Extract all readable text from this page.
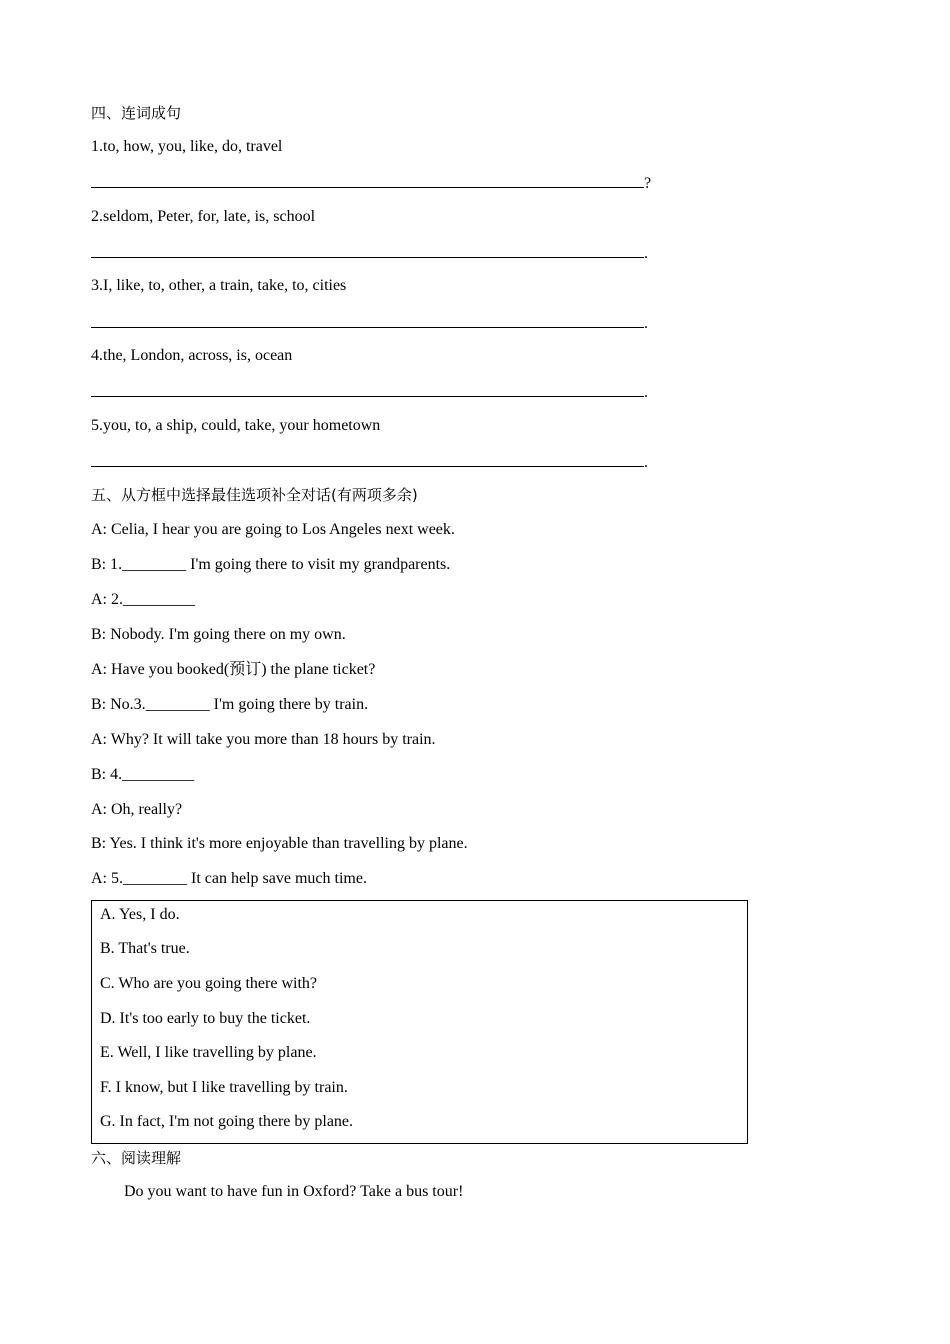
四、连词成句
1.to, how, you, like, do, travel
?
2.seldom, Peter, for, late, is, school
.
3.I, like, to, other, a train, take, to, cities
.
4.the, London, across, is, ocean
.
5.you, to, a ship, could, take, your hometown
.
五、从方框中选择最佳选项补全对话(有两项多余)
A: Celia, I hear you are going to Los Angeles next week.
B: 1.________ I'm going there to visit my grandparents.
A: 2._________
B: Nobody. I'm going there on my own.
A: Have you booked(预订) the plane ticket?
B: No.3.________ I'm going there by train.
A: Why? It will take you more than 18 hours by train.
B: 4._________
A: Oh, really?
B: Yes. I think it's more enjoyable than travelling by plane.
A: 5.________ It can help save much time.
A. Yes, I do.
B. That's true.
C. Who are you going there with?
D. It's too early to buy the ticket.
E. Well, I like travelling by plane.
F. I know, but I like travelling by train.
G. In fact, I'm not going there by plane.
六、阅读理解
Do you want to have fun in Oxford? Take a bus tour!
